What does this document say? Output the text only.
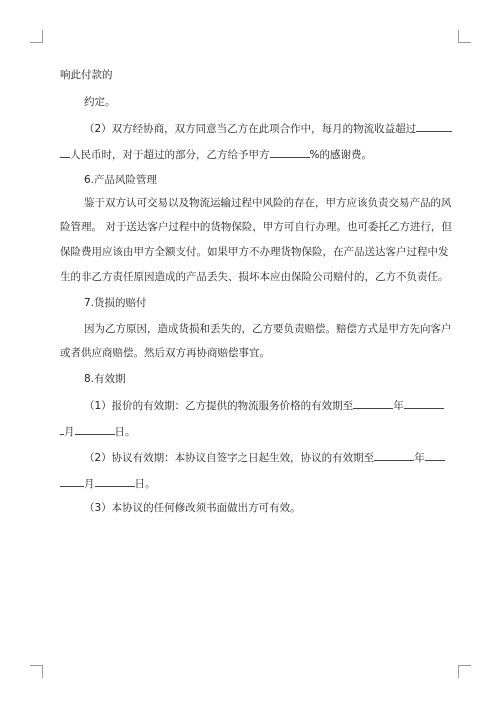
响此付款的
约定。
（2）双方经协商，双方同意当乙方在此项合作中，每月的物流收益超过
人民币时，对于超过的部分，乙方给予甲方	%的感谢费。
6.产品风险管理
鉴于双方认可交易以及物流运输过程中风险的存在，甲方应该负责交易产品的风
险管理。 对于送达客户过程中的货物保险，甲方可自行办理。也可委托乙方进行，但
保险费用应该由甲方全额支付。如果甲方不办理货物保险，在产品送达客户过程中发
生的非乙方责任原因造成的产品丢失、损坏本应由保险公司赔付的，乙方不负责任。
7.货损的赔付
因为乙方原因，造成货损和丢失的，乙方要负责赔偿。赔偿方式是甲方先向客户
或者供应商赔偿。然后双方再协商赔偿事宜。
8.有效期
（1）报价的有效期：乙方提供的物流服务价格的有效期至	年
月	日。
（2）协议有效期：本协议自签字之日起生效，协议的有效期至	年
月	日。
（3）本协议的任何修改须书面做出方可有效。
